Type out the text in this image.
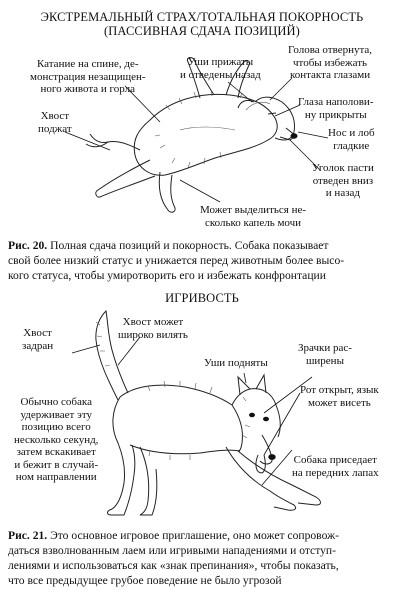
ЭКСТРЕМАЛЬНЫЙ СТРАХ/ТОТАЛЬНАЯ ПОКОРНОСТЬ
(ПАССИВНАЯ СДАЧА ПОЗИЦИЙ)
Катание на спине, де-
монстрация незащищен-
ного живота и горла
Уши прижаты
и отведены назад
Голова отвернута,
чтобы избежать
контакта глазами
Хвост
поджат
Глаза наполови-
ну прикрыты
Нос и лоб
гладкие
Уголок пасти
отведен вниз
и назад
Может выделиться не-
сколько капель мочи
Рис. 20. Полная сдача позиций и покорность. Собака показывает
свой более низкий статус и унижается перед животным более высо-
кого статуса, чтобы умиротворить его и избежать конфронтации
ИГРИВОСТЬ
Хвост может
широко вилять
Хвост
задран	Зрачки рас-
ширены
Уши подняты
Рот открыт, язык
может висеть
Обычно собака
удерживает эту
позицию всего
несколько секунд,
затем вскакивает
и бежит в случай-
ном направлении
Собака приседает
на передних лапах
Рис. 21. Это основное игровое приглашение, оно может сопровож-
даться взволнованным лаем или игривыми нападениями и отступ-
лениями и использоваться как «знак препинания», чтобы показать,
что все предыдущее грубое поведение не было угрозой
